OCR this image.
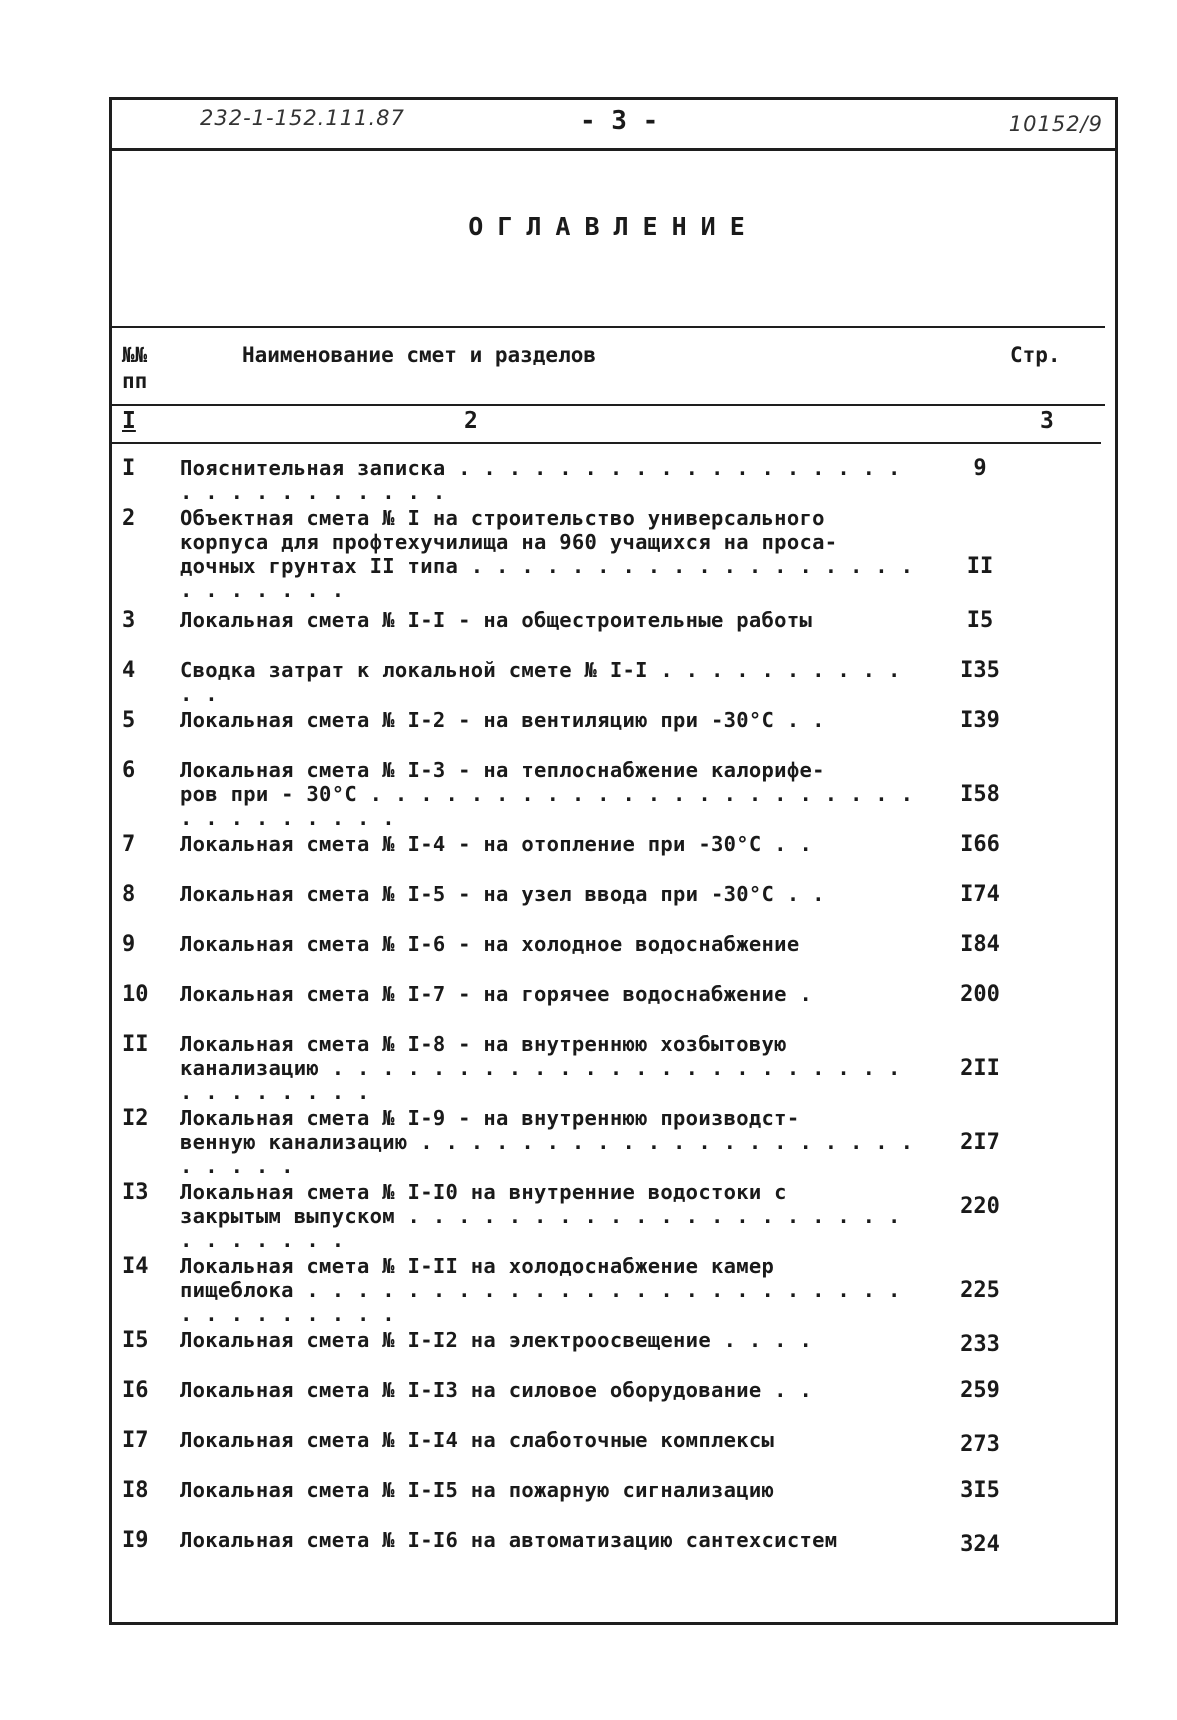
232-1-152.111.87	- 3 -	10152/9
ОГЛАВЛЕНИЕ
№№
пп
Наименование смет и разделов	Стр.
I	2	3
I Пояснительная записка . . . . . . . . . . . . . . . . . . . . . . . . . . . . .
9
2 Объектная смета № I на строительство универсального
корпуса для профтехучилища на 960 учащихся на проса-
дочных грунтах II типа . . . . . . . . . . . . . . . . . . . . . . . . .
II
3 Локальная смета № I-I - на общестроительные работы	I5
4 Сводка затрат к локальной смете № I-I . . . . . . . . . . . .
I35
5 Локальная смета № I-2 - на вентиляцию при -30°С . .	I39
6 Локальная смета № I-3 - на теплоснабжение калорифе-
ров при - 30°С . . . . . . . . . . . . . . . . . . . . . . . . . . . . . . .
I58
7 Локальная смета № I-4 - на отопление при -30°С . .	I66
8 Локальная смета № I-5 - на узел ввода при -30°С . .	I74
9 Локальная смета № I-6 - на холодное водоснабжение	I84
10 Локальная смета № I-7 - на горячее водоснабжение .	200
II Локальная смета № I-8 - на внутреннюю хозбытовую
канализацию . . . . . . . . . . . . . . . . . . . . . . . . . . . . . . .
2II
I2 Локальная смета № I-9 - на внутреннюю производст-
венную канализацию . . . . . . . . . . . . . . . . . . . . . . . . .
2I7
I3 Локальная смета № I-I0 на внутренние водостоки с
закрытым выпуском . . . . . . . . . . . . . . . . . . . . . . . . . . .
220
I4 Локальная смета № I-II на холодоснабжение камер
пищеблока . . . . . . . . . . . . . . . . . . . . . . . . . . . . . . . . .
225
I5 Локальная смета № I-I2 на электроосвещение . . . .	233
I6 Локальная смета № I-I3 на силовое оборудование . .	259
I7 Локальная смета № I-I4 на слаботочные комплексы	273
I8 Локальная смета № I-I5 на пожарную сигнализацию	3I5
I9 Локальная смета № I-I6 на автоматизацию сантехсистем	324
